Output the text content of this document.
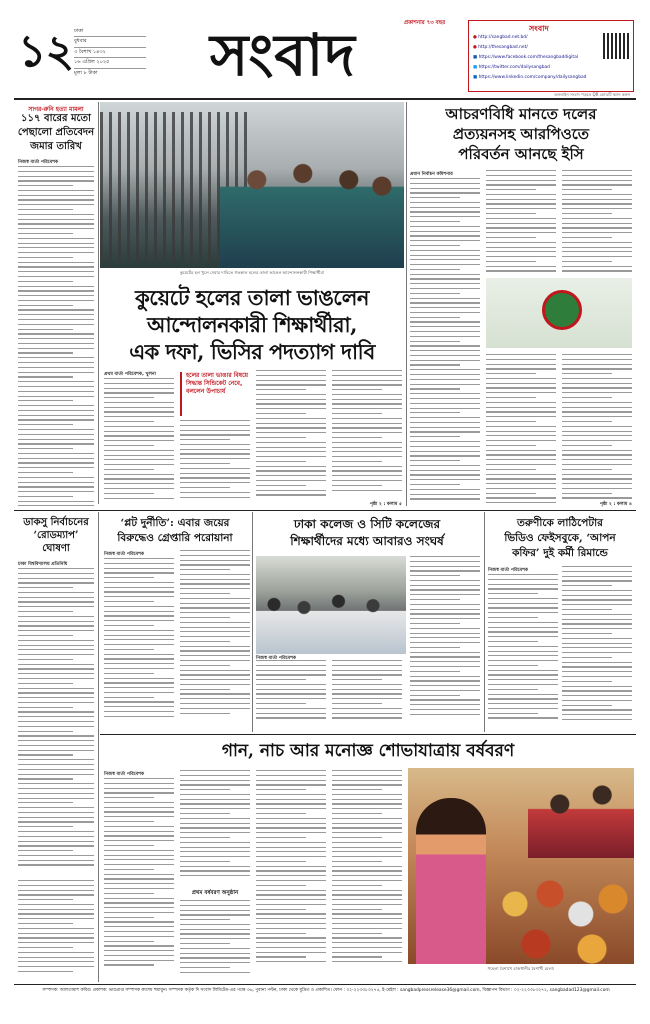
১২ ঢাকা
বুধবার
৩ বৈশাখ ১৪৩২
১৬ এপ্রিল ২০২৫
মূল্য ৮ টাকা	সংবাদ	প্রকাশনার ৭৩ বছর	সংবাদ
● http://sangbad.net.bd/
● http://thesangbad.net/
■ https://www.facebook.com/thesangbaddigital
■ https://twitter.com/dailysangbad
■ https://www.linkedin.com/company/dailysangbad
অনলাইন সংবাদ পড়তে QR কোডটি স্ক্যান করুন
সাগর-রুনি হত্যা মামলা
১১৭ বারের মতো
পেছালো প্রতিবেদন
জমার তারিখ
নিজস্ব বার্তা পরিবেশক
কুয়েটের হল খুলে দেয়ার দাবিতে গতকাল হলের তালা ভাঙেন আন্দোলনকারী শিক্ষার্থীরা
আচরণবিধি মানতে দলের
প্রত্যয়নসহ আরপিওতে
পরিবর্তন আনছে ইসি
প্রধান নির্বাচন কমিশনার
পৃষ্ঠা ২ : কলাম ৪
কুয়েটে হলের তালা ভাঙলেন
আন্দোলনকারী শিক্ষার্থীরা,
এক দফা, ভিসির পদত্যাগ দাবি
প্রথম বার্তা পরিবেশক, খুলনা	হলের তালা ভাঙার বিষয়ে সিদ্ধান্ত সিন্ডিকেট নেবে, বললেন উপাচার্য
পৃষ্ঠা ২ : কলাম ৫
ডাকসু নির্বাচনের
‘রোডম্যাপ’
ঘোষণা
ঢাকা বিশ্ববিদ্যালয় প্রতিনিধি
‘প্লট দুর্নীতি’: এবার জয়ের
বিরুদ্ধেও গ্রেপ্তারি পরোয়ানা
নিজস্ব বার্তা পরিবেশক
ঢাকা কলেজ ও সিটি কলেজের
শিক্ষার্থীদের মধ্যে আবারও সংঘর্ষ
নিজস্ব বার্তা পরিবেশক
তরুণীকে লাঠিপেটার
ভিডিও ফেইসবুকে, ‘আপন
কফির’ দুই কর্মী রিমান্ডে
নিজস্ব বার্তা পরিবেশক
গান, নাচ আর মনোজ্ঞ শোভাযাত্রায় বর্ষবরণ
নিজস্ব বার্তা পরিবেশক
প্রথম বর্ষবরণ অনুষ্ঠান
পহেলা বৈশাখে রাজধানীর বৈশাখী মেলা।
সম্পাদক: আলতামাশ কবির। প্রকাশক: ভারপ্রাপ্ত সম্পাদক কাশেম হুমায়ুন। সম্পাদক কর্তৃক দি সংবাদ লিমিটেড-এর পক্ষে ৩৬, পুরানা পল্টন, ঢাকা থেকে মুদ্রিত ও প্রকাশিত। ফোন : ০২-২২৩৩৮৩২৭৫, ই-মেইল : sangbadpressrelease36@gmail.com, বিজ্ঞাপন বিভাগ : ০২-২২৩৩৮৩২৭২, sangbadad123@gmail.com
